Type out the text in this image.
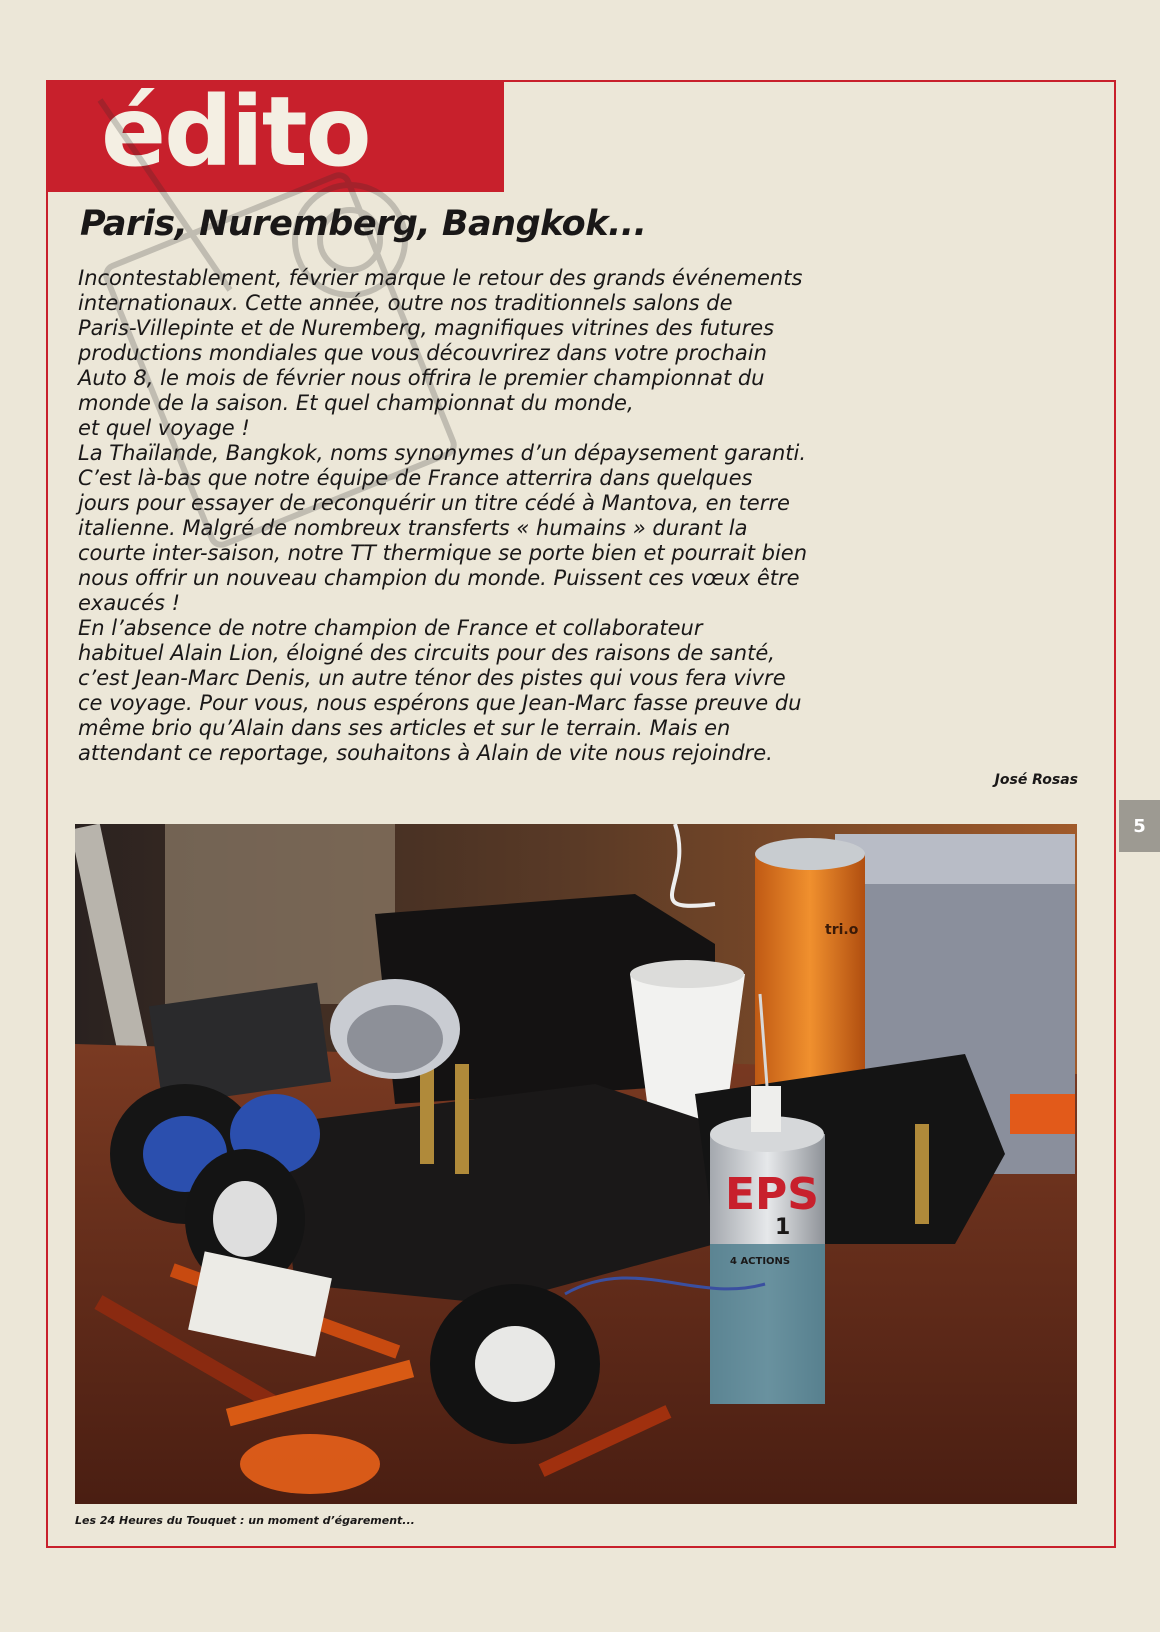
édito
Paris, Nuremberg, Bangkok...
Incontestablement, février marque le retour des grands événements
internationaux. Cette année, outre nos traditionnels salons de
Paris-Villepinte et de Nuremberg, magnifiques vitrines des futures
productions mondiales que vous découvrirez dans votre prochain
Auto 8, le mois de février nous offrira le premier championnat du
monde de la saison. Et quel championnat du monde,
et quel voyage !
La Thaïlande, Bangkok, noms synonymes d’un dépaysement garanti.
C’est là-bas que notre équipe de France atterrira dans quelques
jours pour essayer de reconquérir un titre cédé à Mantova, en terre
italienne. Malgré de nombreux transferts « humains » durant la
courte inter-saison, notre TT thermique se porte bien et pourrait bien
nous offrir un nouveau champion du monde. Puissent ces vœux être
exaucés !
En l’absence de notre champion de France et collaborateur
habituel Alain Lion, éloigné des circuits pour des raisons de santé,
c’est Jean-Marc Denis, un autre ténor des pistes qui vous fera vivre
ce voyage. Pour vous, nous espérons que Jean-Marc fasse preuve du
même brio qu’Alain dans ses articles et sur le terrain. Mais en
attendant ce reportage, souhaitons à Alain de vite nous rejoindre.
José Rosas
5
tri.o
EPS
1
4 ACTIONS
Les 24 Heures du Touquet : un moment d’égarement...
